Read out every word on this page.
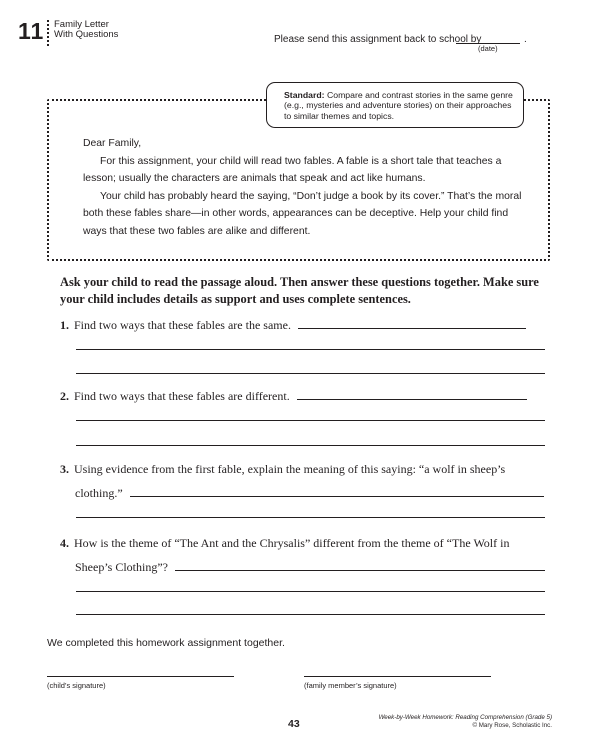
11 Family Letter
With Questions	Please send this assignment back to school by	.
(date)
Standard: Compare and contrast stories in the same genre (e.g., mysteries and adventure stories) on their approaches to similar themes and topics.

Dear Family,

For this assignment, your child will read two fables. A fable is a short tale that teaches a lesson; usually the characters are animals that speak and act like humans.

Your child has probably heard the saying, “Don’t judge a book by its cover.” That’s the moral both these fables share—in other words, appearances can be deceptive. Help your child find ways that these two fables are alike and different.

Ask your child to read the passage aloud. Then answer these questions together. Make sure your child includes details as support and uses complete sentences.
1. Find two ways that these fables are the same.
2. Find two ways that these fables are different.
3. Using evidence from the first fable, explain the meaning of this saying: “a wolf in sheep’s
clothing.”
4. How is the theme of “The Ant and the Chrysalis” different from the theme of “The Wolf in
Sheep’s Clothing”?
We completed this homework assignment together.
(child’s signature)	(family member’s signature)
43
Week-by-Week Homework: Reading Comprehension (Grade 5)
© Mary Rose, Scholastic Inc.
